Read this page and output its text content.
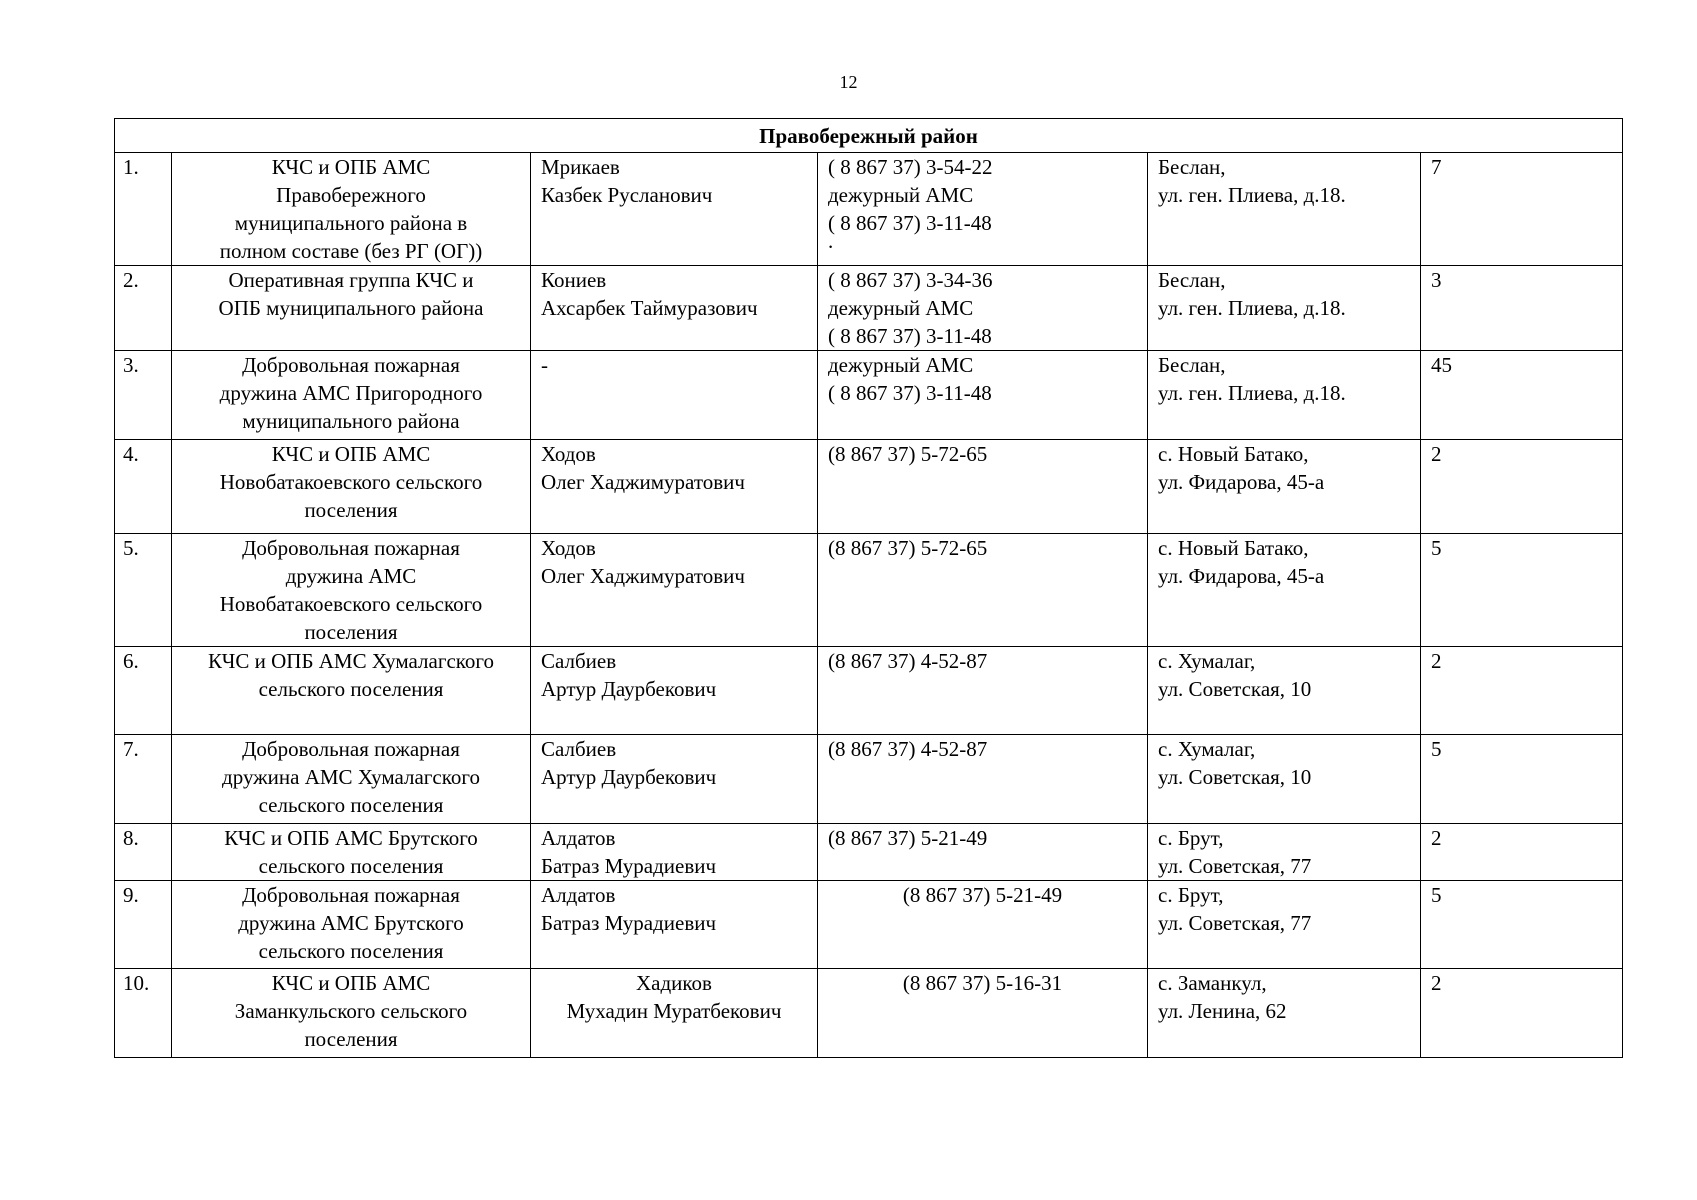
12
Правобережный район					
1.	КЧС и ОПБ АМС
Правобережного
муниципального района в
полном составе (без РГ (ОГ))	Мрикаев
Казбек Русланович	( 8 867 37) 3-54-22
дежурный АМС
( 8 867 37) 3-11-48
.	Беслан,
ул. ген. Плиева, д.18.	7
2.	Оперативная группа КЧС и
ОПБ муниципального района	Кониев
Ахсарбек Таймуразович	( 8 867 37) 3-34-36
дежурный АМС
( 8 867 37) 3-11-48	Беслан,
ул. ген. Плиева, д.18.	3
3.	Добровольная пожарная
дружина АМС Пригородного
муниципального района	-	дежурный АМС
( 8 867 37) 3-11-48	Беслан,
ул. ген. Плиева, д.18.	45
4.	КЧС и ОПБ АМС
Новобатакоевского сельского
поселения	Ходов
Олег Хаджимуратович	(8 867 37) 5-72-65	с. Новый Батако,
ул. Фидарова, 45-а	2
5.	Добровольная пожарная
дружина АМС
Новобатакоевского сельского
поселения	Ходов
Олег Хаджимуратович	(8 867 37) 5-72-65	с. Новый Батако,
ул. Фидарова, 45-а	5
6.	КЧС и ОПБ АМС Хумалагского
сельского поселения	Салбиев
Артур Даурбекович	(8 867 37) 4-52-87	с. Хумалаг,
ул. Советская, 10	2
7.	Добровольная пожарная
дружина АМС Хумалагского
сельского поселения	Салбиев
Артур Даурбекович	(8 867 37) 4-52-87	с. Хумалаг,
ул. Советская, 10	5
8.	КЧС и ОПБ АМС Брутского
сельского поселения	Алдатов
Батраз Мурадиевич	(8 867 37) 5-21-49	с. Брут,
ул. Советская, 77	2
9.	Добровольная пожарная
дружина АМС Брутского
сельского поселения	Алдатов
Батраз Мурадиевич	(8 867 37) 5-21-49	с. Брут,
ул. Советская, 77	5
10.	КЧС и ОПБ АМС
Заманкульского сельского
поселения	Хадиков
Мухадин Муратбекович	(8 867 37) 5-16-31	с. Заманкул,
ул. Ленина, 62	2
